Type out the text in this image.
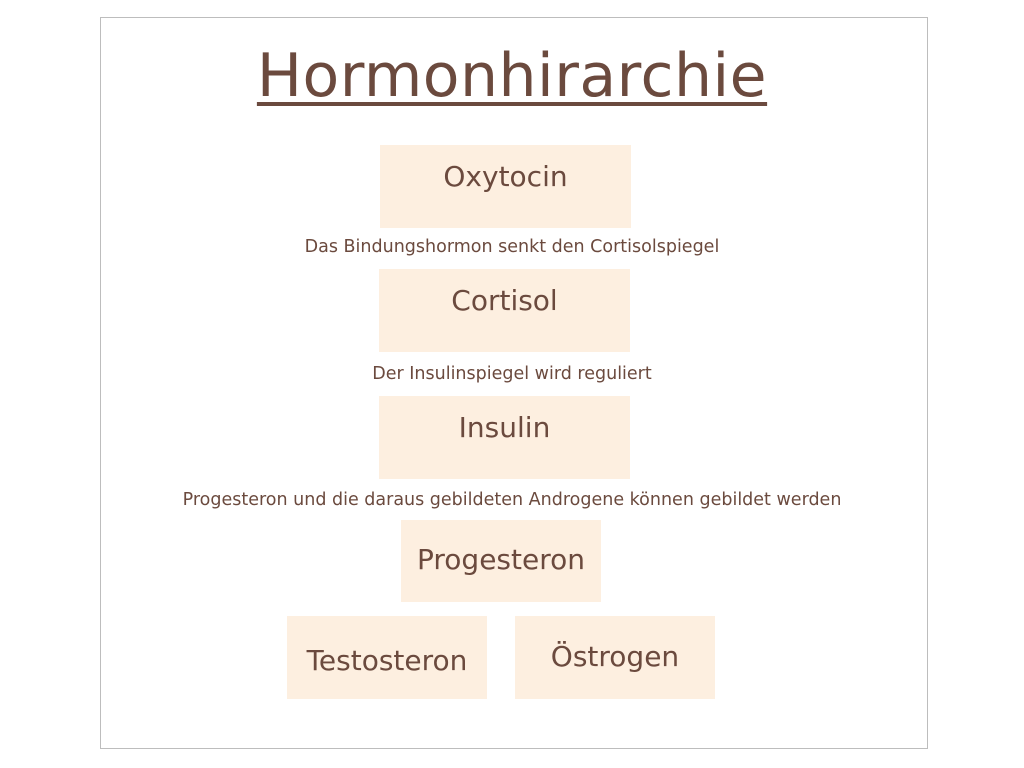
Hormonhirarchie
Oxytocin
Das Bindungshormon senkt den Cortisolspiegel
Cortisol
Der Insulinspiegel wird reguliert
Insulin
Progesteron und die daraus gebildeten Androgene können gebildet werden
Progesteron
Testosteron	Östrogen
